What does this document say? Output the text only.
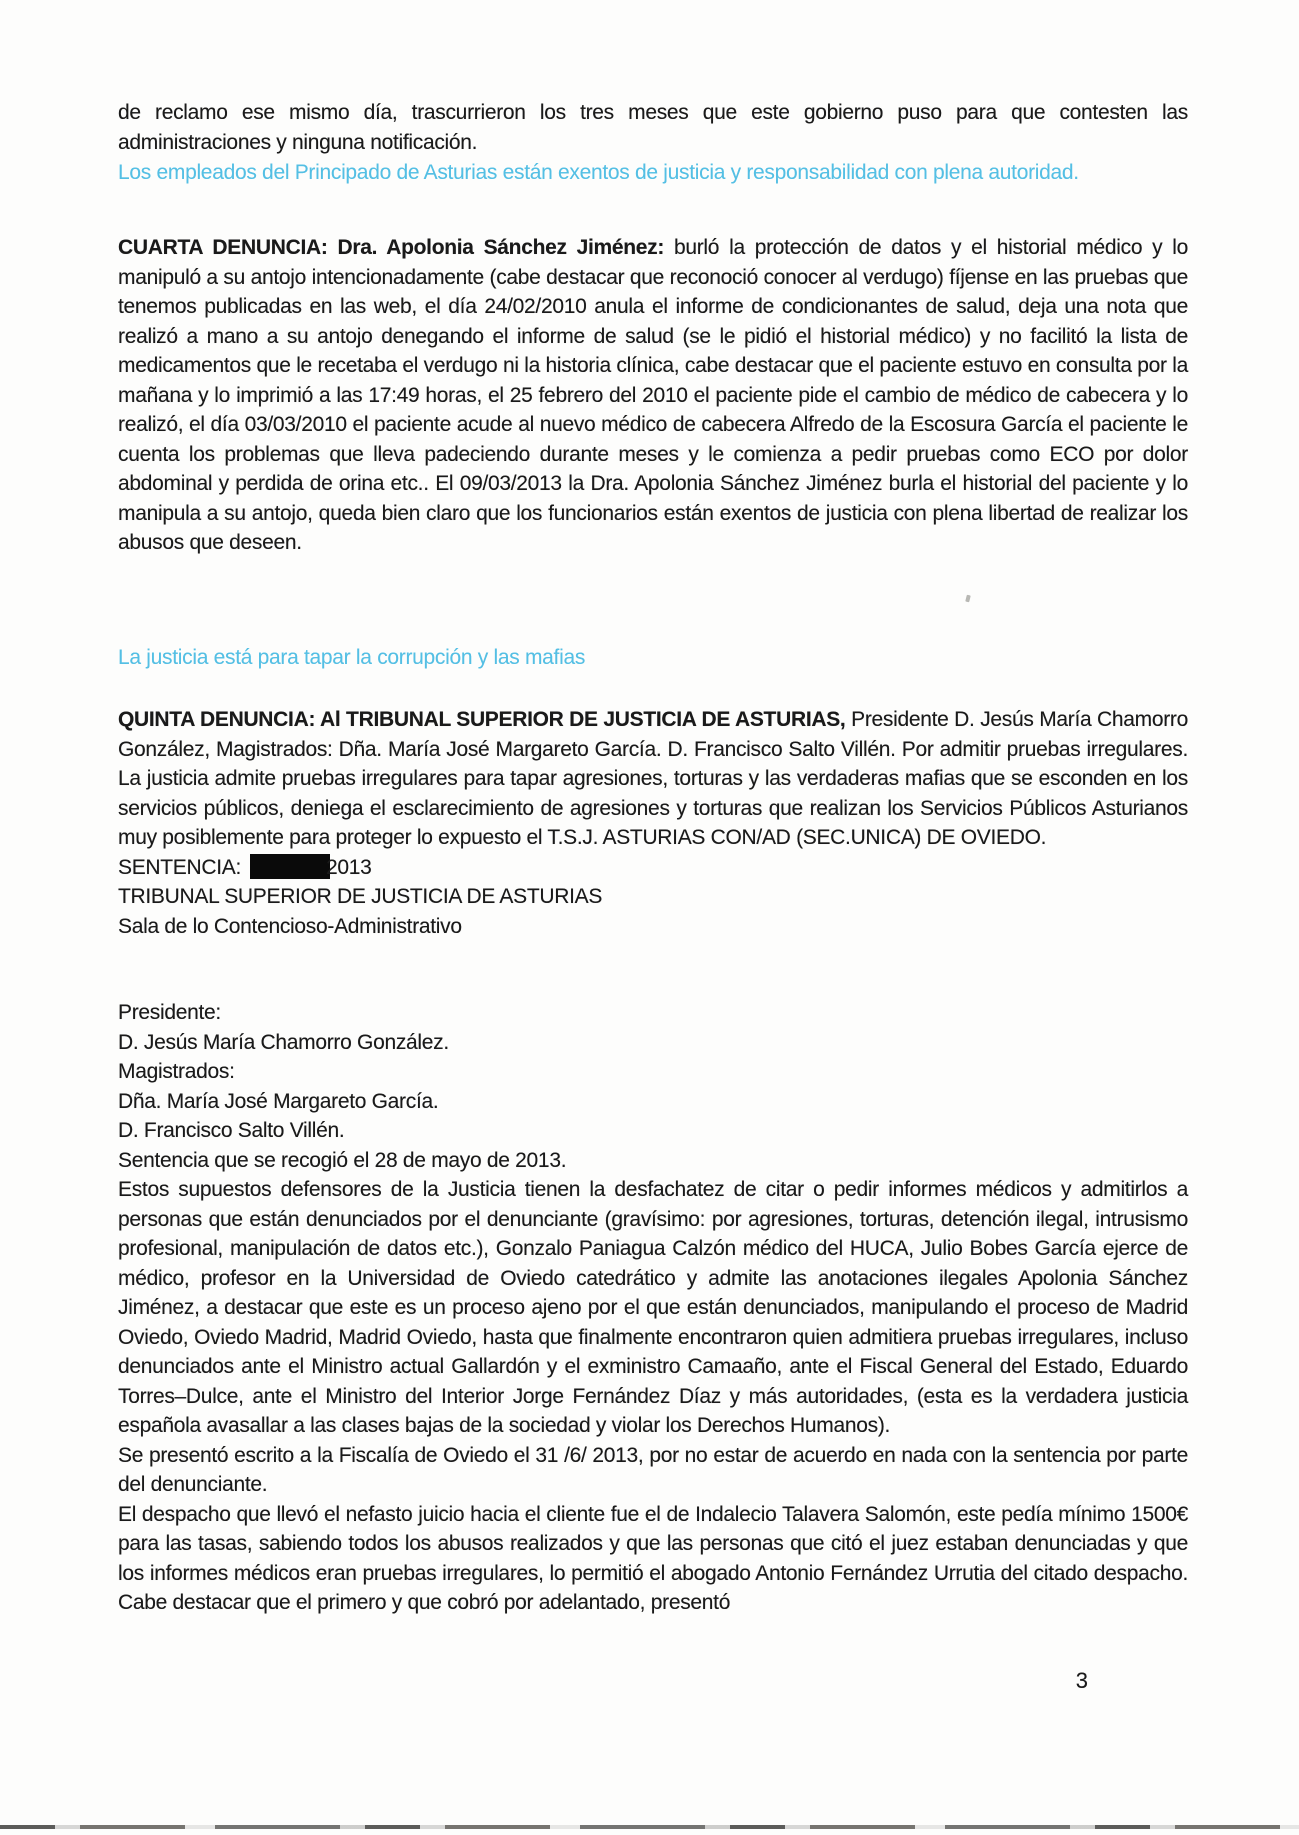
de reclamo ese mismo día, trascurrieron los tres meses que este gobierno puso para que contesten las administraciones y ninguna notificación.
Los empleados del Principado de Asturias están exentos de justicia y responsabilidad con plena autoridad.
CUARTA DENUNCIA: Dra. Apolonia Sánchez Jiménez: burló la protección de datos y el historial médico y lo manipuló a su antojo intencionadamente (cabe destacar que reconoció conocer al verdugo) fíjense en las pruebas que tenemos publicadas en las web, el día 24/02/2010 anula el informe de condicionantes de salud, deja una nota que realizó a mano a su antojo denegando el informe de salud (se le pidió el historial médico) y no facilitó la lista de medicamentos que le recetaba el verdugo ni la historia clínica, cabe destacar que el paciente estuvo en consulta por la mañana y lo imprimió a las 17:49 horas, el 25 febrero del 2010 el paciente pide el cambio de médico de cabecera y lo realizó, el día 03/03/2010 el paciente acude al nuevo médico de cabecera Alfredo de la Escosura García el paciente le cuenta los problemas que lleva padeciendo durante meses y le comienza a pedir pruebas como ECO por dolor abdominal y perdida de orina etc.. El 09/03/2013 la Dra. Apolonia Sánchez Jiménez burla el historial del paciente y lo manipula a su antojo, queda bien claro que los funcionarios están exentos de justicia con plena libertad de realizar los abusos que deseen.
La justicia está para tapar la corrupción y las mafias
QUINTA DENUNCIA: Al TRIBUNAL SUPERIOR DE JUSTICIA DE ASTURIAS, Presidente D. Jesús María Chamorro González, Magistrados: Dña. María José Margareto García. D. Francisco Salto Villén. Por admitir pruebas irregulares. La justicia admite pruebas irregulares para tapar agresiones, torturas y las verdaderas mafias que se esconden en los servicios públicos, deniega el esclarecimiento de agresiones y torturas que realizan los Servicios Públicos Asturianos muy posiblemente para proteger lo expuesto el T.S.J. ASTURIAS CON/AD (SEC.UNICA) DE OVIEDO.
SENTENCIA:	2013
TRIBUNAL SUPERIOR DE JUSTICIA DE ASTURIAS
Sala de lo Contencioso-Administrativo
Presidente:
D. Jesús María Chamorro González.
Magistrados:
Dña. María José Margareto García.
D. Francisco Salto Villén.
Sentencia que se recogió el 28 de mayo de 2013.
Estos supuestos defensores de la Justicia tienen la desfachatez de citar o pedir informes médicos y admitirlos a personas que están denunciados por el denunciante (gravísimo: por agresiones, torturas, detención ilegal, intrusismo profesional, manipulación de datos etc.), Gonzalo Paniagua Calzón médico del HUCA, Julio Bobes García ejerce de médico, profesor en la Universidad de Oviedo catedrático y admite las anotaciones ilegales Apolonia Sánchez Jiménez, a destacar que este es un proceso ajeno por el que están denunciados, manipulando el proceso de Madrid Oviedo, Oviedo Madrid, Madrid Oviedo, hasta que finalmente encontraron quien admitiera pruebas irregulares, incluso denunciados ante el Ministro actual Gallardón y el exministro Camaaño, ante el Fiscal General del Estado, Eduardo Torres–Dulce, ante el Ministro del Interior Jorge Fernández Díaz y más autoridades, (esta es la verdadera justicia española avasallar a las clases bajas de la sociedad y violar los Derechos Humanos).
Se presentó escrito a la Fiscalía de Oviedo el 31 /6/ 2013, por no estar de acuerdo en nada con la sentencia por parte del denunciante.
El despacho que llevó el nefasto juicio hacia el cliente fue el de Indalecio Talavera Salomón, este pedía mínimo 1500€ para las tasas, sabiendo todos los abusos realizados y que las personas que citó el juez estaban denunciadas y que los informes médicos eran pruebas irregulares, lo permitió el abogado Antonio Fernández Urrutia del citado despacho. Cabe destacar que el primero y que cobró por adelantado, presentó
3
